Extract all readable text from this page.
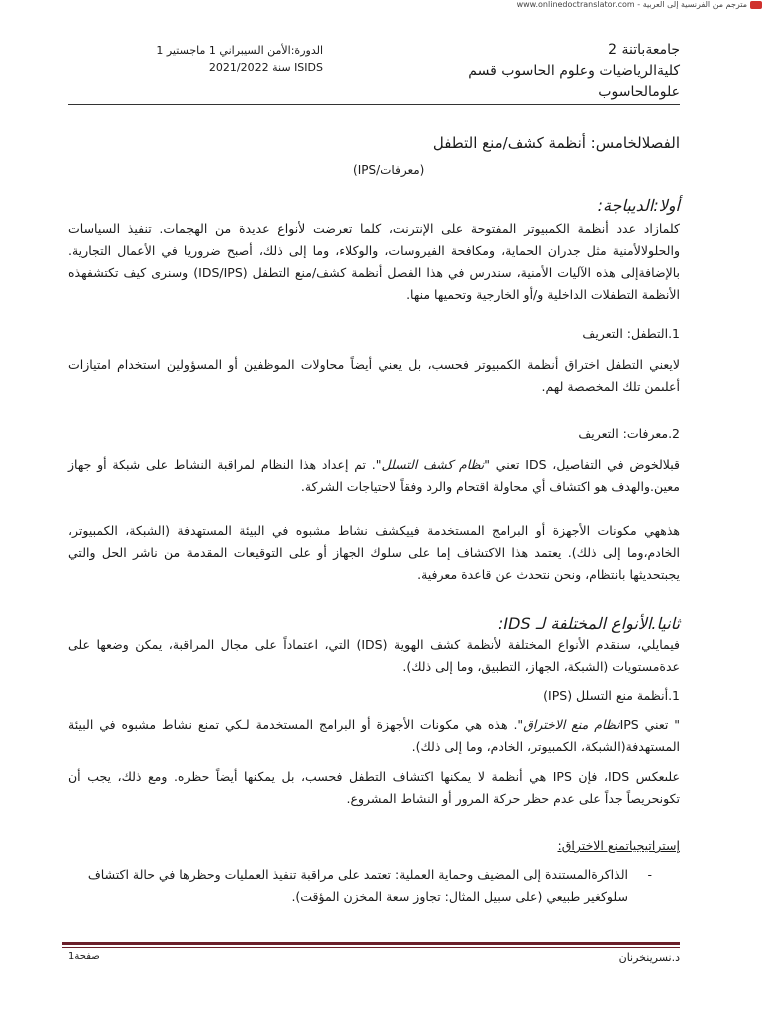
www.onlinedoctranslator.com - مترجم من الفرنسية إلى العربية
جامعةباتنة 2
كليةالرياضيات وعلوم الحاسوب قسم
علومالحاسوب
الدورة:الأمن السيبراني 1 ماجستير 1
ISIDS سنة 2021/2022
الفصلالخامس: أنظمة كشف/منع التطفل
(معرفات/IPS)
أولا:الديباجة:
كلمازاد عدد أنظمة الكمبيوتر المفتوحة على الإنترنت، كلما تعرضت لأنواع عديدة من الهجمات. تنفيذ السياسات والحلولالأمنية مثل جدران الحماية، ومكافحة الفيروسات، والوكلاء، وما إلى ذلك، أصبح ضروريا في الأعمال التجارية. بالإضافةإلى هذه الآليات الأمنية، سندرس في هذا الفصل أنظمة كشف/منع التطفل (IDS/IPS) وسنرى كيف تكتشفهذه الأنظمة التطفلات الداخلية و/أو الخارجية وتحميها منها.
1.التطفل: التعريف
لايعني التطفل اختراق أنظمة الكمبيوتر فحسب، بل يعني أيضاً محاولات الموظفين أو المسؤولين استخدام امتيازات أعلىمن تلك المخصصة لهم.
2.معرفات: التعريف
قبلالخوض في التفاصيل، IDS تعني "نظام كشف التسلل". تم إعداد هذا النظام لمراقبة النشاط على شبكة أو جهاز معين.والهدف هو اكتشاف أي محاولة اقتحام والرد وفقاً لاحتياجات الشركة.
هذههي مكونات الأجهزة أو البرامج المستخدمة فييكشف نشاط مشبوه في البيئة المستهدفة (الشبكة، الكمبيوتر، الخادم،وما إلى ذلك). يعتمد هذا الاكتشاف إما على سلوك الجهاز أو على التوقيعات المقدمة من ناشر الحل والتي يجبتحديثها بانتظام، ونحن نتحدث عن قاعدة معرفية.
ثانيا.الأنواع المختلفة لـ IDS:
فيمايلي، سنقدم الأنواع المختلفة لأنظمة كشف الهوية (IDS) التي، اعتماداً على مجال المراقبة، يمكن وضعها على عدةمستويات (الشبكة، الجهاز، التطبيق، وما إلى ذلك).
1.أنظمة منع التسلل (IPS)
" تعني IPSنظام منع الاختراق". هذه هي مكونات الأجهزة أو البرامج المستخدمة لـكي تمنع نشاط مشبوه في البيئة المستهدفة(الشبكة، الكمبيوتر، الخادم، وما إلى ذلك).
علىعكس IDS، فإن IPS هي أنظمة لا يمكنها اكتشاف التطفل فحسب، بل يمكنها أيضاً حظره. ومع ذلك، يجب أن تكونحريصاً جداً على عدم حظر حركة المرور أو النشاط المشروع.
إستراتيجياتمنع الاختراق:
-
الذاكرةالمستندة إلى المضيف وحماية العملية: تعتمد على مراقبة تنفيذ العمليات وحظرها في حالة اكتشاف سلوكغير طبيعي (على سبيل المثال: تجاوز سعة المخزن المؤقت).
د.نسرينخرنان
صفحة1
